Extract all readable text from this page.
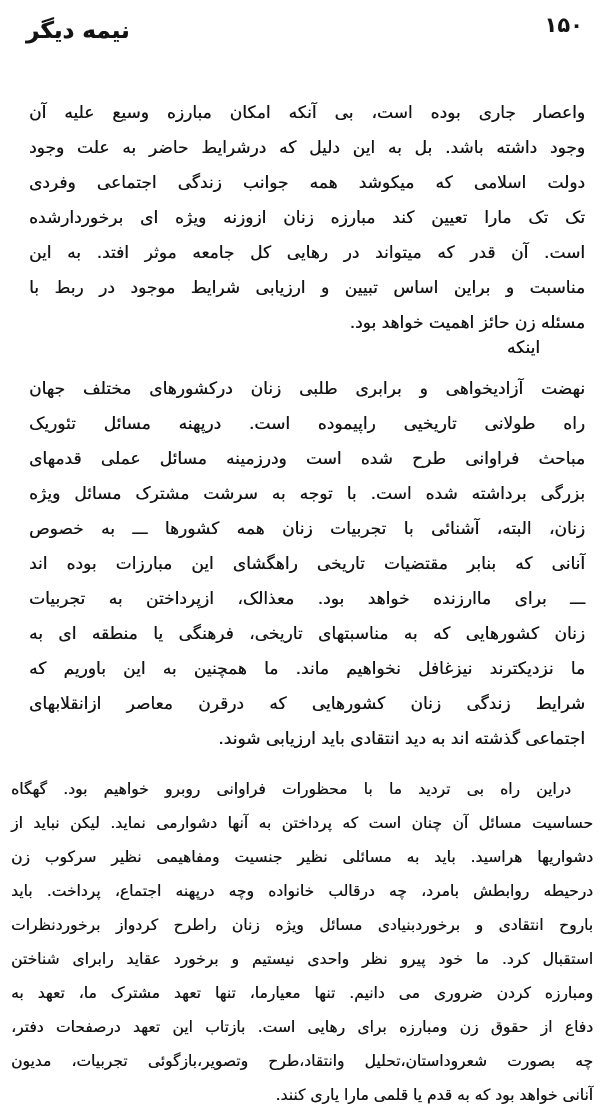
نیمه دیگر	۱۵۰
واعصار جاری بوده است، بی آنکه امکان مبارزه وسیع علیه آن
وجود داشته باشد. بل به این دلیل که درشرایط حاضر به علت وجود
دولت اسلامی که میکوشد همه جوانب زندگی اجتماعی وفردی
تک تک مارا تعیین کند مبارزه زنان ازوزنه ویژه ای برخوردارشده
است. آن قدر که میتواند در رهایی کل جامعه موثر افتد. به این
مناسبت و براین اساس تبیین و ارزیابی شرایط موجود در ربط با
مسئله زن حائز اهمیت خواهد بود.
اینکه
نهضت آزادیخواهی و برابری طلبی زنان درکشورهای مختلف جهان
راه طولانی تاریخیی راپیموده است. درپهنه مسائل تئوریک
مباحث فراوانی طرح شده است ودرزمینه مسائل عملی قدمهای
بزرگی برداشته شده است. با توجه به سرشت مشترک مسائل ویژه
زنان، البته، آشنائی با تجربیات زنان همه کشورها ـــ به خصوص
آنانی که بنابر مقتضیات تاریخی راهگشای این مبارزات بوده اند
ـــ برای ماارزنده خواهد بود. معذالک، ازپرداختن به تجربیات
زنان کشورهایی که به مناسبتهای تاریخی، فرهنگی یا منطقه ای به
ما نزدیکترند نیزغافل نخواهیم ماند. ما همچنین به این باوریم که
شرایط زندگی زنان کشورهایی که درقرن معاصر ازانقلابهای
اجتماعی گذشته اند به دید انتقادی باید ارزیابی شوند.
دراین راه بی تردید ما با محظورات فراوانی روبرو خواهیم بود. گهگاه
حساسیت مسائل آن چنان است که پرداختن به آنها دشوارمی نماید. لیکن نباید از
دشواریها هراسید. باید به مسائلی نظیر جنسیت ومفاهیمی نظیر سرکوب زن
درحیطه روابطش بامرد، چه درقالب خانواده وچه درپهنه اجتماع، پرداخت. باید
باروح انتقادی و برخوردبنیادی مسائل ویژه زنان راطرح کردواز برخوردنظرات
استقبال کرد. ما خود پیرو نظر واحدی نیستیم و برخورد عقاید رابرای شناختن
ومبارزه کردن ضروری می دانیم. تنها معیارما، تنها تعهد مشترک ما، تعهد به
دفاع از حقوق زن ومبارزه برای رهایی است. بازتاب این تعهد درصفحات دفتر،
چه بصورت شعروداستان،تحلیل وانتقاد،طرح وتصویر،بازگوئی تجربیات، مدیون
آنانی خواهد بود که به قدم یا قلمی مارا یاری کنند.
